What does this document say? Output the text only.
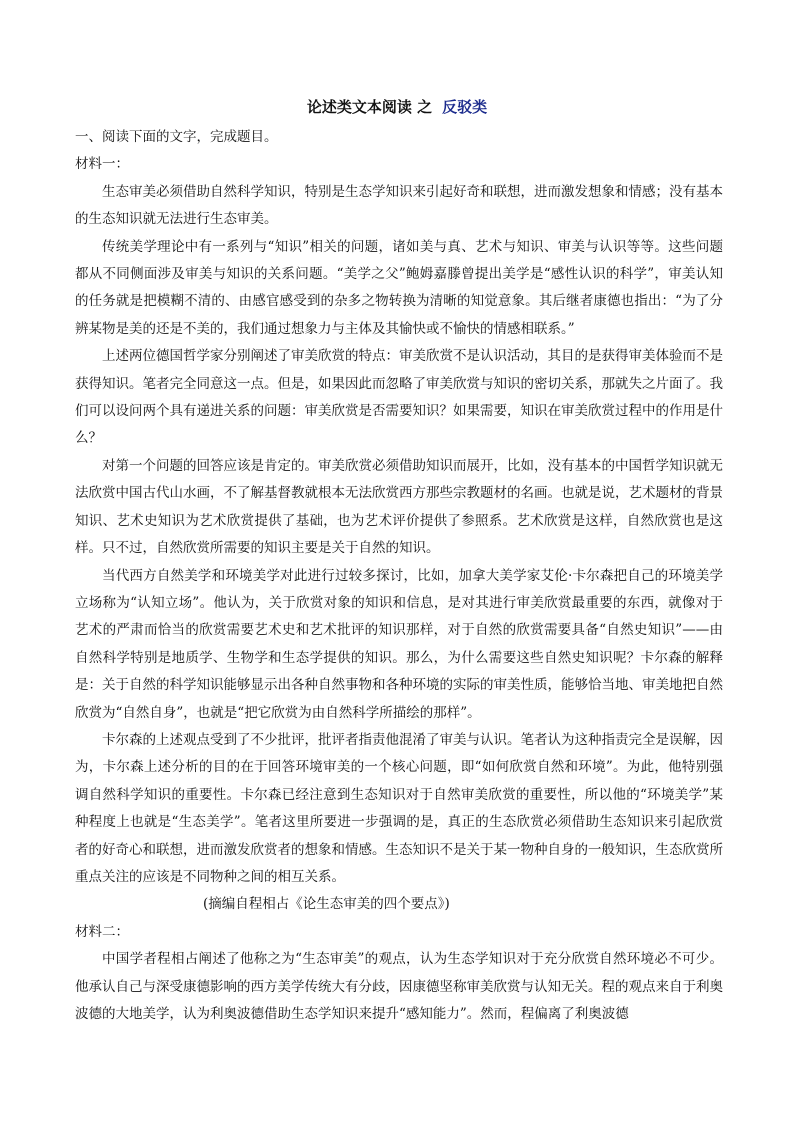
论述类文本阅读 之 反驳类

一、阅读下面的文字，完成题目。

材料一：

生态审美必须借助自然科学知识，特别是生态学知识来引起好奇和联想，进而激发想象和情感；没有基本的生态知识就无法进行生态审美。

传统美学理论中有一系列与“知识”相关的问题，诸如美与真、艺术与知识、审美与认识等等。这些问题都从不同侧面涉及审美与知识的关系问题。“美学之父”鲍姆嘉滕曾提出美学是“感性认识的科学”，审美认知的任务就是把模糊不清的、由感官感受到的杂多之物转换为清晰的知觉意象。其后继者康德也指出：“为了分辨某物是美的还是不美的，我们通过想象力与主体及其愉快或不愉快的情感相联系。”

上述两位德国哲学家分别阐述了审美欣赏的特点：审美欣赏不是认识活动，其目的是获得审美体验而不是获得知识。笔者完全同意这一点。但是，如果因此而忽略了审美欣赏与知识的密切关系，那就失之片面了。我们可以设问两个具有递进关系的问题：审美欣赏是否需要知识？如果需要，知识在审美欣赏过程中的作用是什么？

对第一个问题的回答应该是肯定的。审美欣赏必须借助知识而展开，比如，没有基本的中国哲学知识就无法欣赏中国古代山水画，不了解基督教就根本无法欣赏西方那些宗教题材的名画。也就是说，艺术题材的背景知识、艺术史知识为艺术欣赏提供了基础，也为艺术评价提供了参照系。艺术欣赏是这样，自然欣赏也是这样。只不过，自然欣赏所需要的知识主要是关于自然的知识。

当代西方自然美学和环境美学对此进行过较多探讨，比如，加拿大美学家艾伦·卡尔森把自己的环境美学立场称为“认知立场”。他认为，关于欣赏对象的知识和信息，是对其进行审美欣赏最重要的东西，就像对于艺术的严肃而恰当的欣赏需要艺术史和艺术批评的知识那样，对于自然的欣赏需要具备“自然史知识”——由自然科学特别是地质学、生物学和生态学提供的知识。那么，为什么需要这些自然史知识呢？卡尔森的解释是：关于自然的科学知识能够显示出各种自然事物和各种环境的实际的审美性质，能够恰当地、审美地把自然欣赏为“自然自身”，也就是“把它欣赏为由自然科学所描绘的那样”。

卡尔森的上述观点受到了不少批评，批评者指责他混淆了审美与认识。笔者认为这种指责完全是误解，因为，卡尔森上述分析的目的在于回答环境审美的一个核心问题，即“如何欣赏自然和环境”。为此，他特别强调自然科学知识的重要性。卡尔森已经注意到生态知识对于自然审美欣赏的重要性，所以他的“环境美学”某种程度上也就是“生态美学”。笔者这里所要进一步强调的是，真正的生态欣赏必须借助生态知识来引起欣赏者的好奇心和联想，进而激发欣赏者的想象和情感。生态知识不是关于某一物种自身的一般知识，生态欣赏所重点关注的应该是不同物种之间的相互关系。

(摘编自程相占《论生态审美的四个要点》)

材料二：

中国学者程相占阐述了他称之为“生态审美”的观点，认为生态学知识对于充分欣赏自然环境必不可少。他承认自己与深受康德影响的西方美学传统大有分歧，因康德坚称审美欣赏与认知无关。程的观点来自于利奥波德的大地美学，认为利奥波德借助生态学知识来提升“感知能力”。然而，程偏离了利奥波德
